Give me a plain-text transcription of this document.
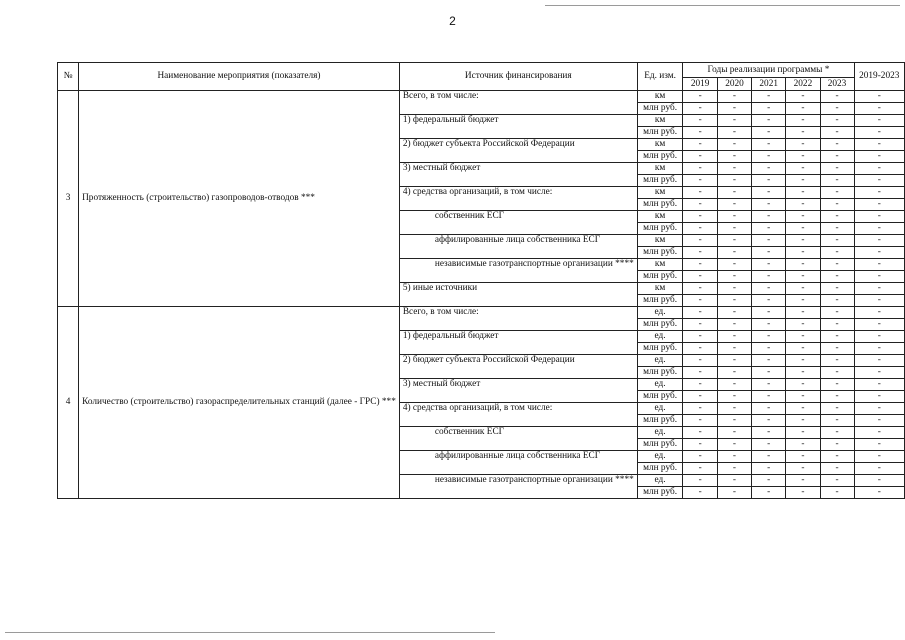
2
№	Наименование мероприятия (показателя)	Источник финансирования	Ед. изм.	Годы реализации программы *					2019-2023
				2019	2020	2021	2022	2023	
3	Протяженность (строительство) газопроводов-отводов ***	Всего, в том числе:	км	-	-	-	-	-	-
			млн руб.	-	-	-	-	-	-
		1) федеральный бюджет	км	-	-	-	-	-	-
			млн руб.	-	-	-	-	-	-
		2) бюджет субъекта Российской Федерации	км	-	-	-	-	-	-
			млн руб.	-	-	-	-	-	-
		3) местный бюджет	км	-	-	-	-	-	-
			млн руб.	-	-	-	-	-	-
		4) средства организаций, в том числе:	км	-	-	-	-	-	-
			млн руб.	-	-	-	-	-	-
		собственник ЕСГ	км	-	-	-	-	-	-
			млн руб.	-	-	-	-	-	-
		аффилированные лица собственника ЕСГ	км	-	-	-	-	-	-
			млн руб.	-	-	-	-	-	-
		независимые газотранспортные организации ****	км	-	-	-	-	-	-
			млн руб.	-	-	-	-	-	-
		5) иные источники	км	-	-	-	-	-	-
			млн руб.	-	-	-	-	-	-
4	Количество (строительство) газораспределительных станций (далее - ГРС) ***	Всего, в том числе:	ед.	-	-	-	-	-	-
			млн руб.	-	-	-	-	-	-
		1) федеральный бюджет	ед.	-	-	-	-	-	-
			млн руб.	-	-	-	-	-	-
		2) бюджет субъекта Российской Федерации	ед.	-	-	-	-	-	-
			млн руб.	-	-	-	-	-	-
		3) местный бюджет	ед.	-	-	-	-	-	-
			млн руб.	-	-	-	-	-	-
		4) средства организаций, в том числе:	ед.	-	-	-	-	-	-
			млн руб.	-	-	-	-	-	-
		собственник ЕСГ	ед.	-	-	-	-	-	-
			млн руб.	-	-	-	-	-	-
		аффилированные лица собственника ЕСГ	ед.	-	-	-	-	-	-
			млн руб.	-	-	-	-	-	-
		независимые газотранспортные организации ****	ед.	-	-	-	-	-	-
			млн руб.	-	-	-	-	-	-
